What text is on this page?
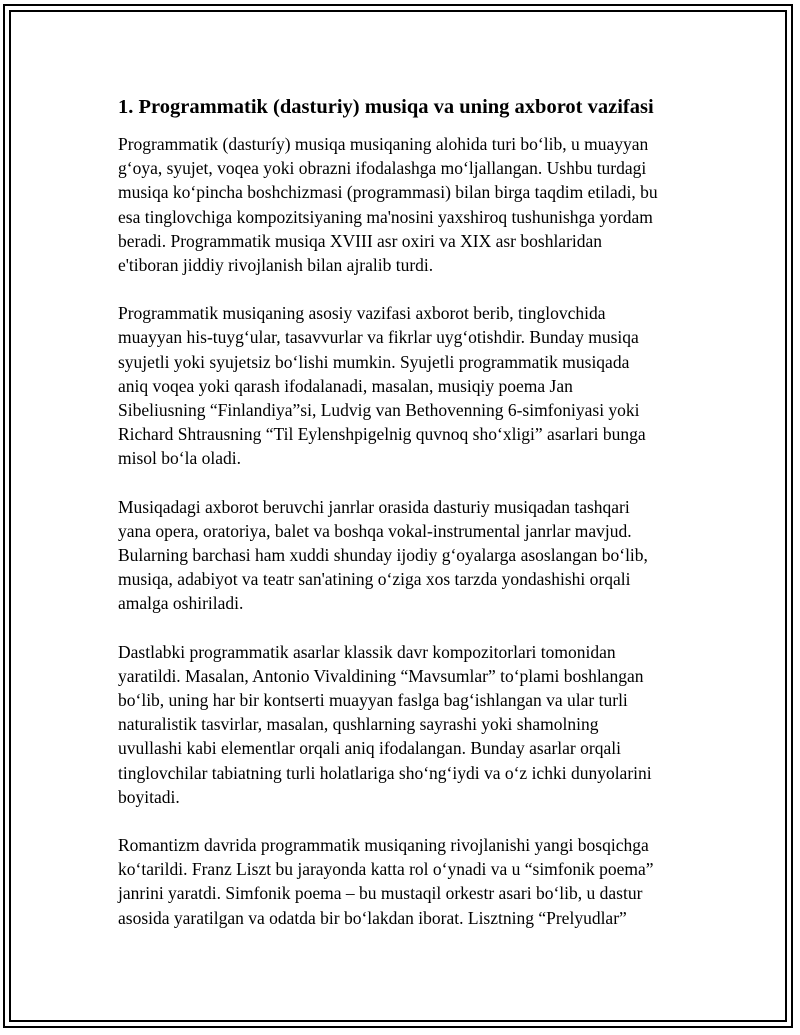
1. Programmatik (dasturiy) musiqa va uning axborot vazifasi
Programmatik (dasturíy) musiqa musiqaning alohida turi bo‘lib, u muayyan
g‘oya, syujet, voqea yoki obrazni ifodalashga mo‘ljallangan. Ushbu turdagi
musiqa ko‘pincha boshchizmasi (programmasi) bilan birga taqdim etiladi, bu
esa tinglovchiga kompozitsiyaning ma'nosini yaxshiroq tushunishga yordam
beradi. Programmatik musiqa XVIII asr oxiri va XIX asr boshlaridan
e'tiboran jiddiy rivojlanish bilan ajralib turdi.
Programmatik musiqaning asosiy vazifasi axborot berib, tinglovchida
muayyan his-tuyg‘ular, tasavvurlar va fikrlar uyg‘otishdir. Bunday musiqa
syujetli yoki syujetsiz bo‘lishi mumkin. Syujetli programmatik musiqada
aniq voqea yoki qarash ifodalanadi, masalan, musiqiy poema Jan
Sibeliusning “Finlandiya”si, Ludvig van Bethovenning 6-simfoniyasi yoki
Richard Shtrausning “Til Eylenshpigelnig quvnoq sho‘xligi” asarlari bunga
misol bo‘la oladi.
Musiqadagi axborot beruvchi janrlar orasida dasturiy musiqadan tashqari
yana opera, oratoriya, balet va boshqa vokal-instrumental janrlar mavjud.
Bularning barchasi ham xuddi shunday ijodiy g‘oyalarga asoslangan bo‘lib,
musiqa, adabiyot va teatr san'atining o‘ziga xos tarzda yondashishi orqali
amalga oshiriladi.
Dastlabki programmatik asarlar klassik davr kompozitorlari tomonidan
yaratildi. Masalan, Antonio Vivaldining “Mavsumlar” to‘plami boshlangan
bo‘lib, uning har bir kontserti muayyan faslga bag‘ishlangan va ular turli
naturalistik tasvirlar, masalan, qushlarning sayrashi yoki shamolning
uvullashi kabi elementlar orqali aniq ifodalangan. Bunday asarlar orqali
tinglovchilar tabiatning turli holatlariga sho‘ng‘iydi va o‘z ichki dunyolarini
boyitadi.
Romantizm davrida programmatik musiqaning rivojlanishi yangi bosqichga
ko‘tarildi. Franz Liszt bu jarayonda katta rol o‘ynadi va u “simfonik poema”
janrini yaratdi. Simfonik poema – bu mustaqil orkestr asari bo‘lib, u dastur
asosida yaratilgan va odatda bir bo‘lakdan iborat. Lisztning “Prelyudlar”
